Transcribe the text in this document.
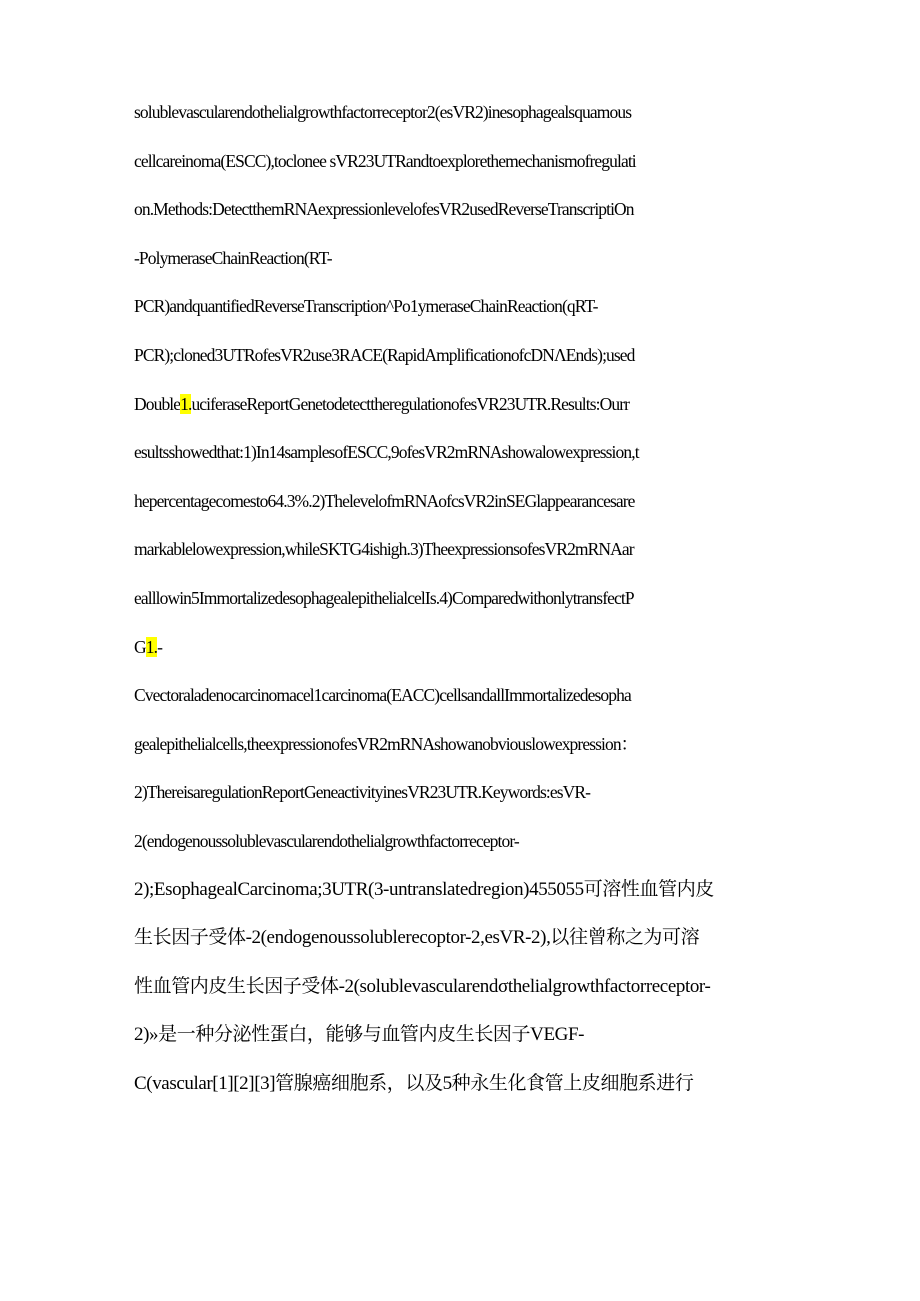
solublevascularendothelialgrowthfactorreceptor2(esVR2)inesophagealsquamous
cellcareinoma(ESCC),toclonee sVR23UTRandtoexplorethemechanismofregulati
on.Methods:DetectthemRNAexpressionlevelofesVR2usedReverseTranscriptiOn
-PolymeraseChainReaction(RT-
PCR)andquantifiedReverseTranscription^Po1ymeraseChainReaction(qRT-
PCR);cloned3UTRofesVR2use3RACE(RapidAmplificationofcDNΛEnds);used
Double1.uciferaseReportGenetodetecttheregulationofesVR23UTR.Results:Ourr
esultsshowedthat:1)In14samplesofESCC,9ofesVR2mRNAshowalowexpression,t
hepercentagecomesto64.3%.2)ThelevelofmRNAofcsVR2inSEGlappearancesare
markablelowexpression,whileSKTG4ishigh.3)TheexpressionsofesVR2mRNAar
ealllowin5ImmortalizedesophagealepithelialcelIs.4)ComparedwithonlytransfectP
G1.-
Cvectoraladenocarcinomacel1carcinoma(EACC)cellsandallImmortalizedesopha
gealepithelialcells,theexpressionofesVR2mRNAshowanobviouslowexpression：
2)ThereisaregulationReportGeneactivityinesVR23UTR.Keywords:esVR-
2(endogenoussolublevascularendothelialgrowthfactorreceptor-
2);EsophagealCarcinoma;3UTR(3-untranslatedregion)455055可溶性血管内皮
生长因子受体-2(endogenoussolublerecoptor-2,esVR-2),以往曾称之为可溶
性血管内皮生长因子受体-2(solublevascularendσthelialgrowthfactorreceptor-
2)»是一种分泌性蛋白，能够与血管内皮生长因子VEGF-
C(vascular[1][2][3]管腺癌细胞系，以及5种永生化食管上皮细胞系进行
